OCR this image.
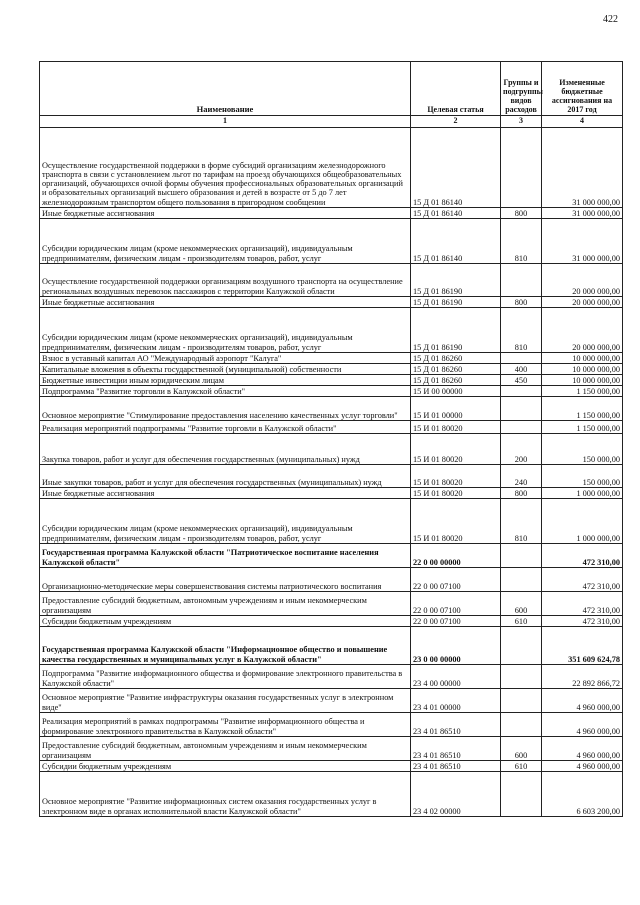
422
Наименование	Целевая статья	Группы и подгруппы видов расходов	Измененные бюджетные ассигнования на 2017 год
1	2	3	4
Осуществление государственной поддержки в форме субсидий организациям железнодорожного транспорта в связи с установлением льгот по тарифам на проезд обучающихся общеобразовательных организаций, обучающихся очной формы обучения профессиональных образовательных организаций и образовательных организаций высшего образования и детей в возрасте от 5 до 7 лет железнодорожным транспортом общего пользования в пригородном сообщении	15 Д 01 86140		31 000 000,00
Иные бюджетные ассигнования	15 Д 01 86140	800	31 000 000,00
Субсидии юридическим лицам (кроме некоммерческих организаций), индивидуальным предпринимателям, физическим лицам - производителям товаров, работ, услуг	15 Д 01 86140	810	31 000 000,00
Осуществление государственной поддержки организациям воздушного транспорта на осуществление региональных воздушных перевозок пассажиров с территории Калужской области	15 Д 01 86190		20 000 000,00
Иные бюджетные ассигнования	15 Д 01 86190	800	20 000 000,00
Субсидии юридическим лицам (кроме некоммерческих организаций), индивидуальным предпринимателям, физическим лицам - производителям товаров, работ, услуг	15 Д 01 86190	810	20 000 000,00
Взнос в уставный капитал АО "Международный аэропорт "Калуга"	15 Д 01 86260		10 000 000,00
Капитальные вложения в объекты государственной (муниципальной) собственности	15 Д 01 86260	400	10 000 000,00
Бюджетные инвестиции иным юридическим лицам	15 Д 01 86260	450	10 000 000,00
Подпрограмма "Развитие торговли в Калужской области"	15 И 00 00000		1 150 000,00
Основное мероприятие "Стимулирование предоставления населению качественных услуг торговли"	15 И 01 00000		1 150 000,00
Реализация мероприятий подпрограммы "Развитие торговли в Калужской области"	15 И 01 80020		1 150 000,00
Закупка товаров, работ и услуг для обеспечения государственных (муниципальных) нужд	15 И 01 80020	200	150 000,00
Иные закупки товаров, работ и услуг для обеспечения государственных (муниципальных) нужд	15 И 01 80020	240	150 000,00
Иные бюджетные ассигнования	15 И 01 80020	800	1 000 000,00
Субсидии юридическим лицам (кроме некоммерческих организаций), индивидуальным предпринимателям, физическим лицам - производителям товаров, работ, услуг	15 И 01 80020	810	1 000 000,00
Государственная программа Калужской области "Патриотическое воспитание населения Калужской области"	22 0 00 00000		472 310,00
Организационно-методические меры совершенствования системы патриотического воспитания	22 0 00 07100		472 310,00
Предоставление субсидий бюджетным, автономным учреждениям и иным некоммерческим организациям	22 0 00 07100	600	472 310,00
Субсидии бюджетным учреждениям	22 0 00 07100	610	472 310,00
Государственная программа Калужской области "Информационное общество и повышение качества государственных и муниципальных услуг в Калужской области"	23 0 00 00000		351 609 624,78
Подпрограмма "Развитие информационного общества и формирование электронного правительства в Калужской области"	23 4 00 00000		22 892 866,72
Основное мероприятие "Развитие инфраструктуры оказания государственных услуг в электронном виде"	23 4 01 00000		4 960 000,00
Реализация мероприятий в рамках подпрограммы "Развитие информационного общества и формирование электронного правительства в Калужской области"	23 4 01 86510		4 960 000,00
Предоставление субсидий бюджетным, автономным учреждениям и иным некоммерческим организациям	23 4 01 86510	600	4 960 000,00
Субсидии бюджетным учреждениям	23 4 01 86510	610	4 960 000,00
Основное мероприятие "Развитие информационных систем оказания государственных услуг в электронном виде в органах исполнительной власти Калужской области"	23 4 02 00000		6 603 200,00
